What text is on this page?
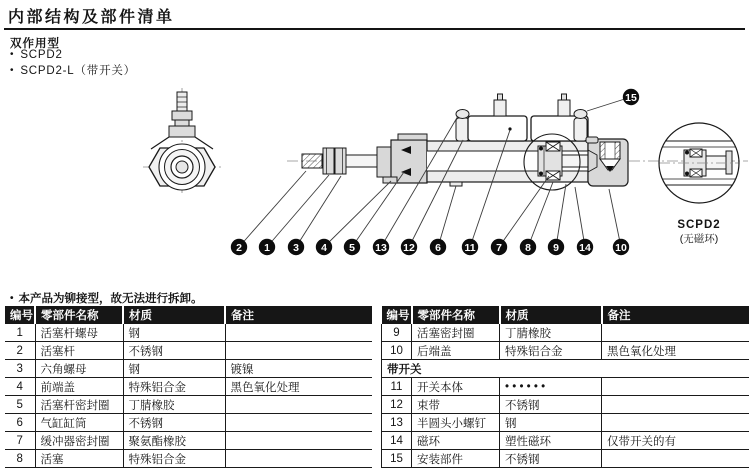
内部结构及部件清单
双作用型
• SCPD2
• SCPD2-L（带开关）
SCPD2
(无磁环)
2 1 3 4 5 13 12 6 11 7 8 9 14 10
15
• 本产品为铆接型，故无法进行拆卸。
编号	零部件名称	材质	备注
1	活塞杆螺母	钢	
2	活塞杆	不锈钢	
3	六角螺母	钢	镀镍
4	前端盖	特殊铝合金	黑色氧化处理
5	活塞杆密封圈	丁腈橡胶	
6	气缸缸筒	不锈钢	
7	缓冲器密封圈	聚氨酯橡胶	
8	活塞	特殊铝合金	
编号	零部件名称	材质	备注
9	活塞密封圈	丁腈橡胶	
10	后端盖	特殊铝合金	黑色氧化处理
带开关			
11	开关本体	• • • • • •	
12	束带	不锈钢	
13	半圆头小螺钉	钢	
14	磁环	塑性磁环	仅带开关的有
15	安装部件	不锈钢	
